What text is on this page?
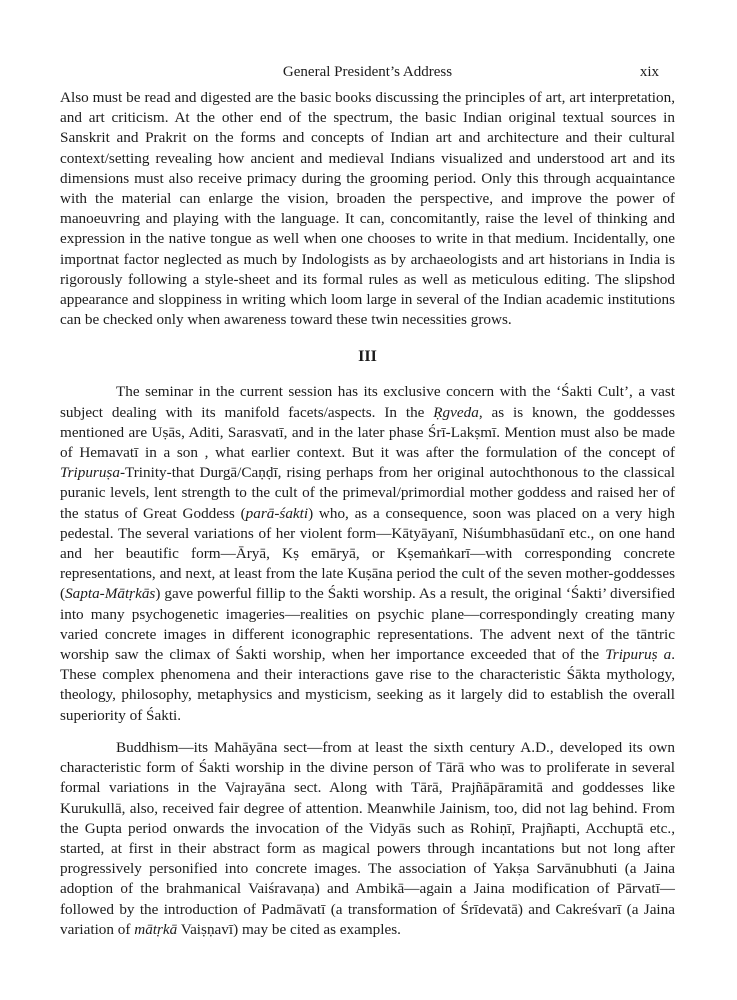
General President’s Address	xix

Also must be read and digested are the basic books discussing the principles of art, art interpretation, and art criticism. At the other end of the spectrum, the basic Indian original textual sources in Sanskrit and Prakrit on the forms and concepts of Indian art and architecture and their cultural context/setting revealing how ancient and medieval Indians visualized and understood art and its dimensions must also receive primacy during the grooming period. Only this through acquaintance with the material can enlarge the vision, broaden the perspective, and improve the power of manoeuvring and playing with the language. It can, concomitantly, raise the level of thinking and expression in the native tongue as well when one chooses to write in that medium. Incidentally, one importnat factor neglected as much by Indologists as by archaeologists and art historians in India is rigorously following a style-sheet and its formal rules as well as meticulous editing. The slipshod appearance and sloppiness in writing which loom large in several of the Indian academic institutions can be checked only when awareness toward these twin necessities grows.

III

The seminar in the current session has its exclusive concern with the ‘Śakti Cult’, a vast subject dealing with its manifold facets/aspects. In the Ṛgveda, as is known, the goddesses mentioned are Uṣās, Aditi, Sarasvatī, and in the later phase Śrī-Lakṣmī. Mention must also be made of Hemavatī in a son , what earlier context. But it was after the formulation of the concept of Tripuruṣa-Trinity-that Durgā/Caṇḍī, rising perhaps from her original autochthonous to the classical puranic levels, lent strength to the cult of the primeval/primordial mother goddess and raised her of the status of Great Goddess (parā-śakti) who, as a consequence, soon was placed on a very high pedestal. The several variations of her violent form—Kātyāyanī, Niśumbhasūdanī etc., on one hand and her beautific form—Āryā, Kṣ emāryā, or Kṣemaṅkarī—with corresponding concrete representations, and next, at least from the late Kuṣāna period the cult of the seven mother-goddesses (Sapta-Mātṛkās) gave powerful fillip to the Śakti worship. As a result, the original ‘Śakti’ diversified into many psychogenetic imageries—realities on psychic plane—correspondingly creating many varied concrete images in different iconographic representations. The advent next of the tāntric worship saw the climax of Śakti worship, when her importance exceeded that of the Tripuruṣ a. These complex phenomena and their interactions gave rise to the characteristic Śākta mythology, theology, philosophy, metaphysics and mysticism, seeking as it largely did to establish the overall superiority of Śakti.

Buddhism—its Mahāyāna sect—from at least the sixth century A.D., developed its own characteristic form of Śakti worship in the divine person of Tārā who was to proliferate in several formal variations in the Vajrayāna sect. Along with Tārā, Prajñāpāramitā and goddesses like Kurukullā, also, received fair degree of attention. Meanwhile Jainism, too, did not lag behind. From the Gupta period onwards the invocation of the Vidyās such as Rohiṇī, Prajñapti, Acchuptā etc., started, at first in their abstract form as magical powers through incantations but not long after progressively personified into concrete images. The association of Yakṣa Sarvānubhuti (a Jaina adoption of the brahmanical Vaiśravaṇa) and Ambikā—again a Jaina modification of Pārvatī—followed by the introduction of Padmāvatī (a transformation of Śrīdevatā) and Cakreśvarī (a Jaina variation of mātṛkā Vaiṣṇavī) may be cited as examples.
